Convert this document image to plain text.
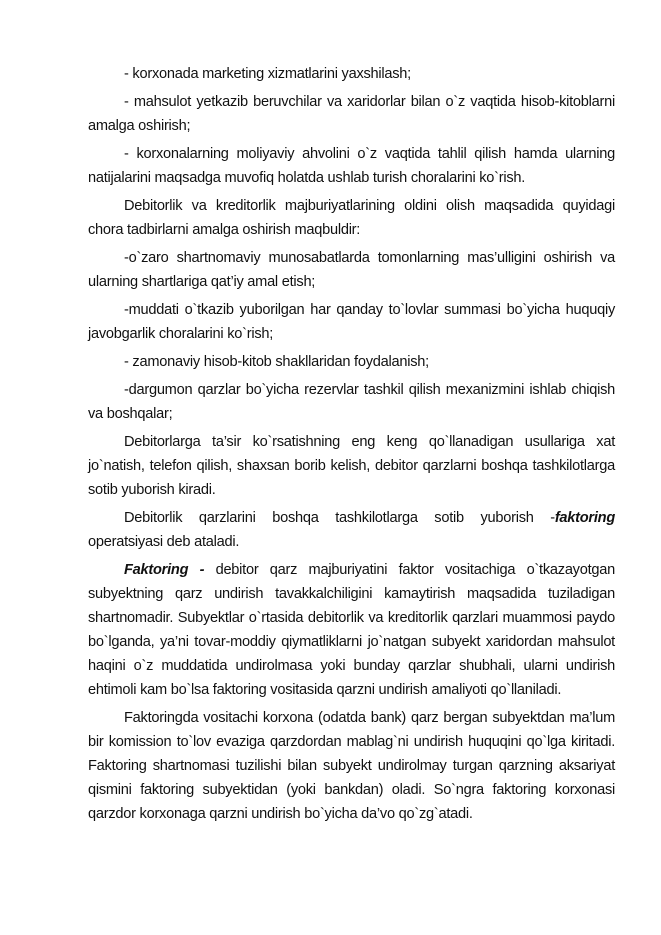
- korxonada marketing xizmatlarini yaxshilash;

- mahsulot yetkazib beruvchilar va xaridorlar bilan o`z vaqtida hisob-kitoblarni amalga oshirish;

- korxonalarning moliyaviy ahvolini o`z vaqtida tahlil qilish hamda ularning natijalarini maqsadga muvofiq holatda ushlab turish choralarini ko`rish.

Debitorlik va kreditorlik majburiyatlarining oldini olish maqsadida quyidagi chora tadbirlarni amalga oshirish maqbuldir:

-o`zaro shartnomaviy munosabatlarda tomonlarning mas’ulligini oshirish va ularning shartlariga qat’iy amal etish;

-muddati o`tkazib yuborilgan har qanday to`lovlar summasi bo`yicha huquqiy javobgarlik choralarini ko`rish;

- zamonaviy hisob-kitob shakllaridan foydalanish;

-dargumon qarzlar bo`yicha rezervlar tashkil qilish mexanizmini ishlab chiqish va boshqalar;

Debitorlarga ta’sir ko`rsatishning eng keng qo`llanadigan usullariga xat jo`natish, telefon qilish, shaxsan borib kelish, debitor qarzlarni boshqa tashkilotlarga sotib yuborish kiradi.

Debitorlik qarzlarini boshqa tashkilotlarga sotib yuborish -faktoring operatsiyasi deb ataladi.

Faktoring - debitor qarz majburiyatini faktor vositachiga o`tkazayotgan subyektning qarz undirish tavakkalchiligini kamaytirish maqsadida tuziladigan shartnomadir. Subyektlar o`rtasida debitorlik va kreditorlik qarzlari muammosi paydo bo`lganda, ya’ni tovar-moddiy qiymatliklarni jo`natgan subyekt xaridordan mahsulot haqini o`z muddatida undirolmasa yoki bunday qarzlar shubhali, ularni undirish ehtimoli kam bo`lsa faktoring vositasida qarzni undirish amaliyoti qo`llaniladi.

Faktoringda vositachi korxona (odatda bank) qarz bergan subyektdan ma’lum bir komission to`lov evaziga qarzdordan mablag`ni undirish huquqini qo`lga kiritadi. Faktoring shartnomasi tuzilishi bilan subyekt undirolmay turgan qarzning aksariyat qismini faktoring subyektidan (yoki bankdan) oladi. So`ngra faktoring korxonasi qarzdor korxonaga qarzni undirish bo`yicha da’vo qo`zg`atadi.
